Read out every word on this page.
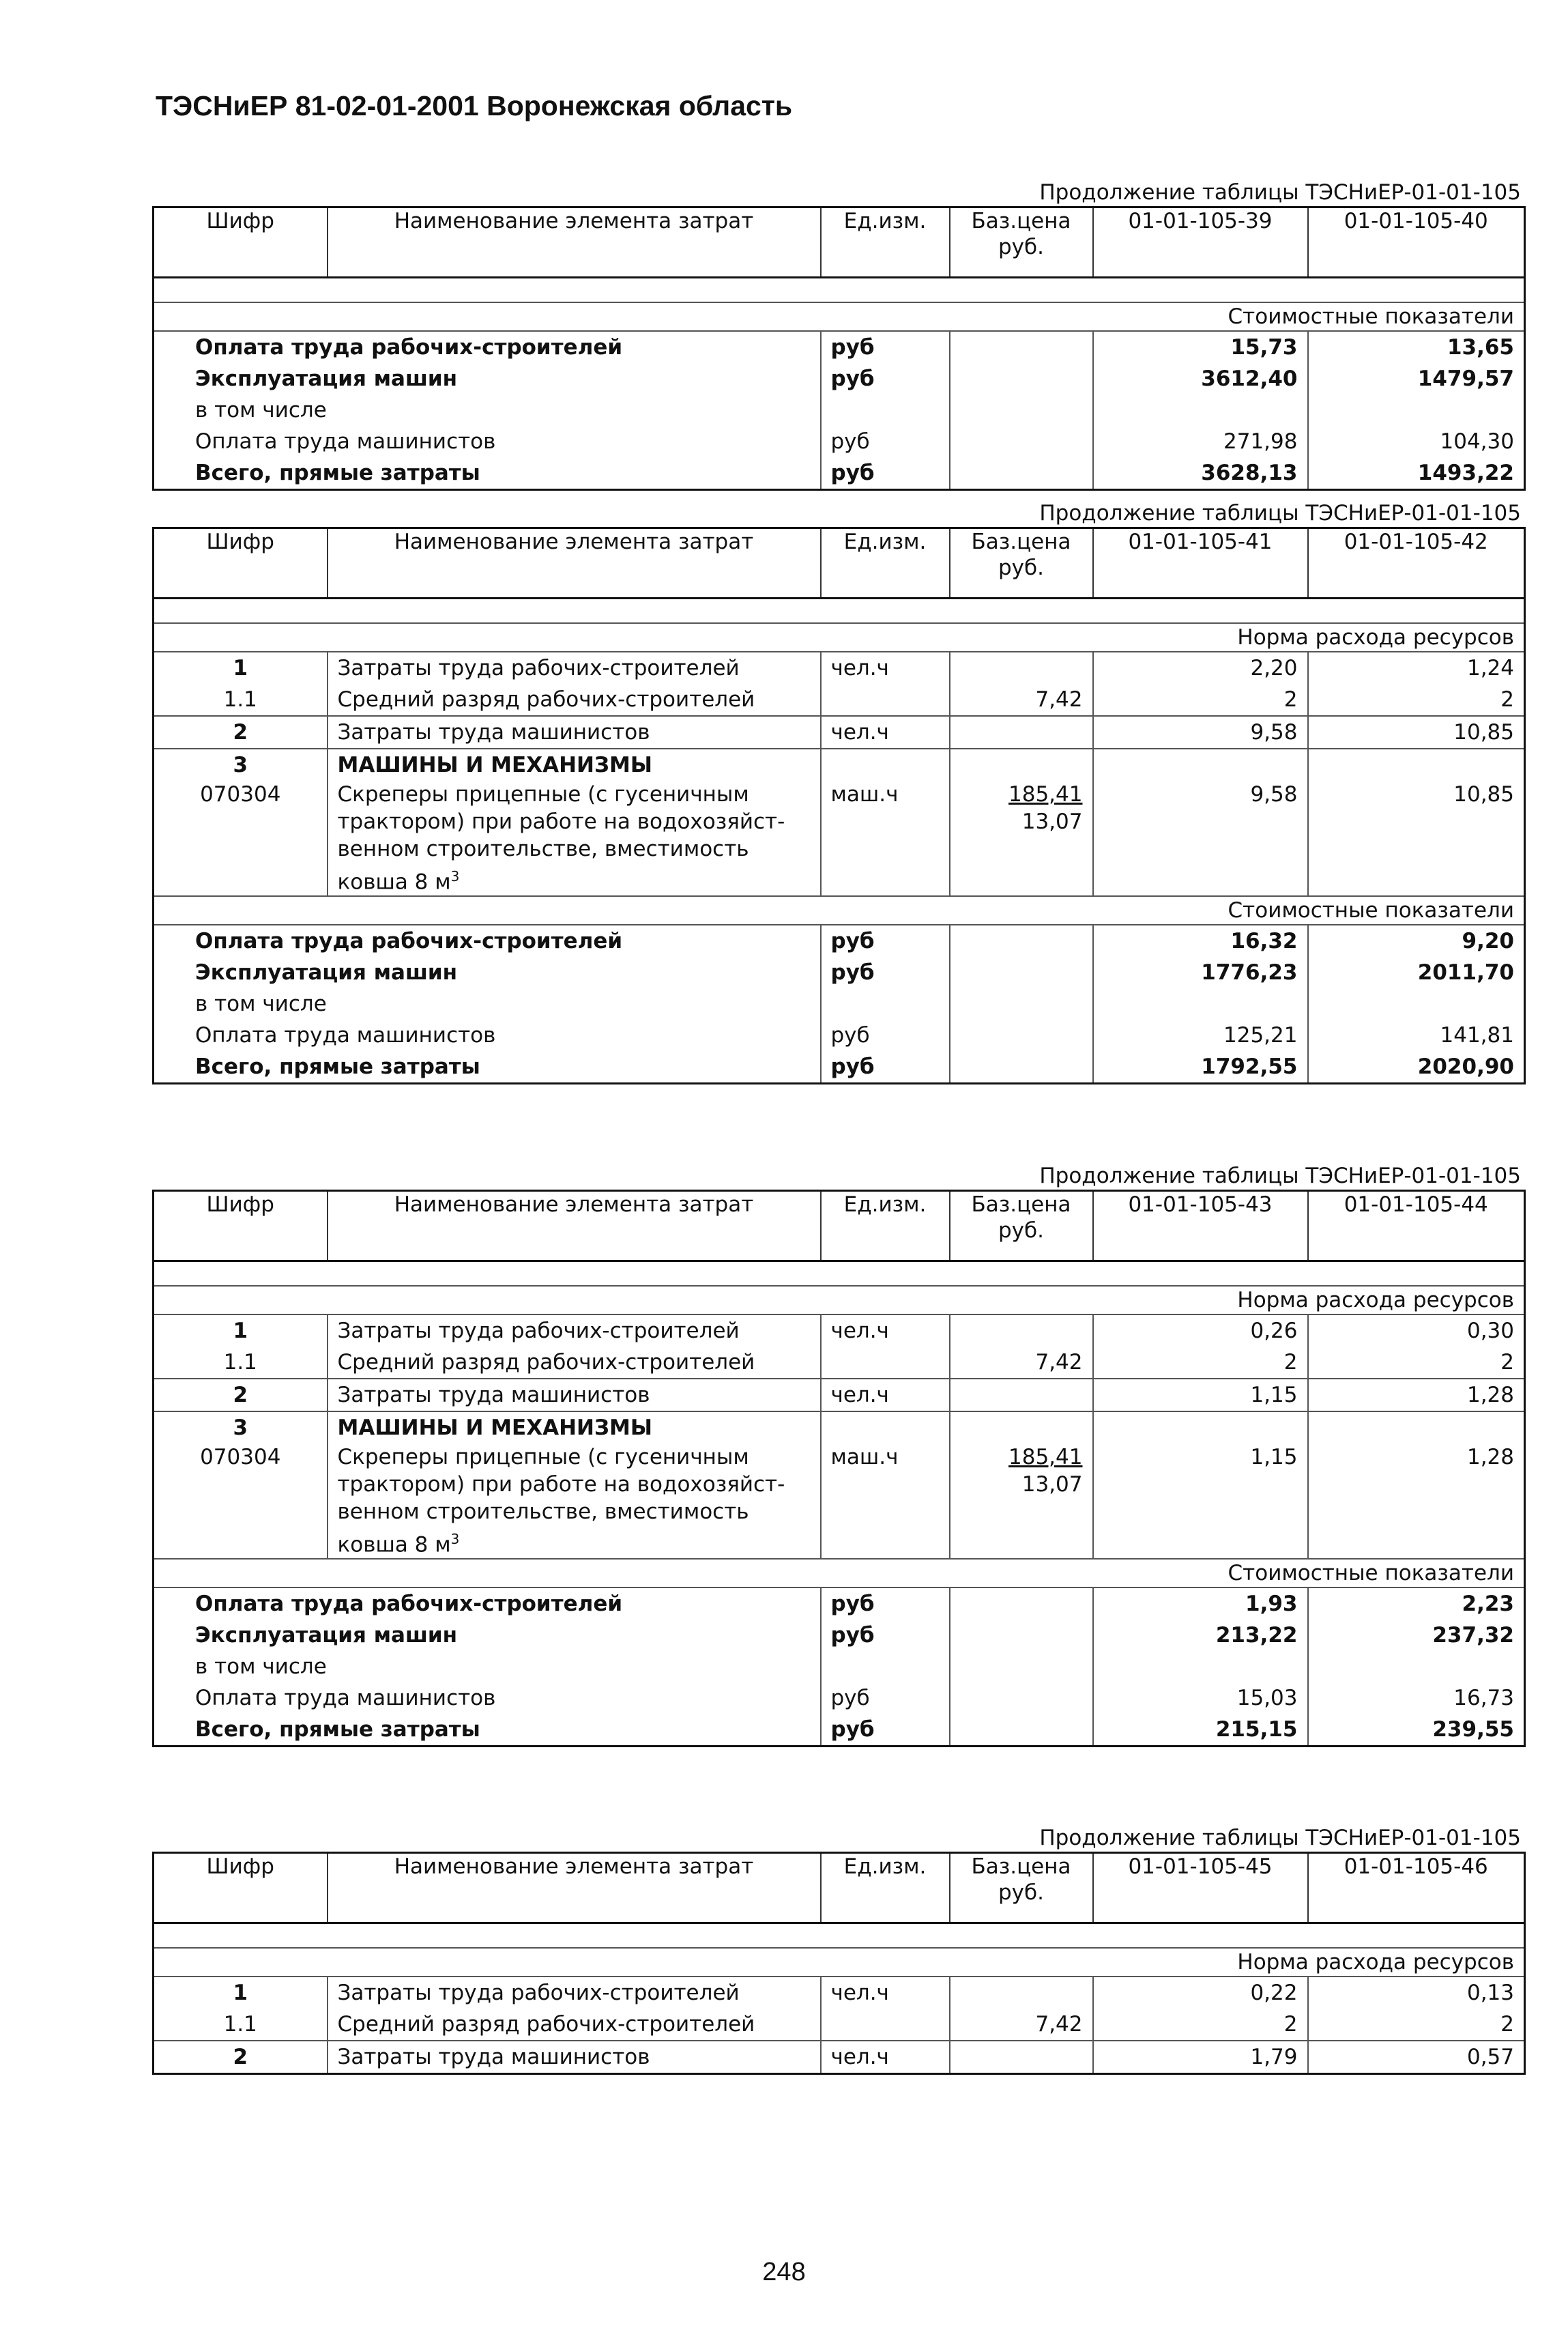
ТЭСНиЕР 81-02-01-2001 Воронежская область
Продолжение таблицы ТЭСНиЕР-01-01-105
Шифр	Наименование элемента затрат	Ед.изм.	Баз.цена руб.	01-01-105-39	01-01-105-40

Стоимостные показатели					
Оплата труда рабочих-строителей		руб		15,73	13,65
Эксплуатация машин		руб		3612,40	1479,57
в том числе					
Оплата труда машинистов		руб		271,98	104,30
Всего, прямые затраты		руб		3628,13	1493,22
Продолжение таблицы ТЭСНиЕР-01-01-105
Шифр	Наименование элемента затрат	Ед.изм.	Баз.цена руб.	01-01-105-41	01-01-105-42

Норма расхода ресурсов					
1	Затраты труда рабочих-строителей	чел.ч		2,20	1,24
1.1	Средний разряд рабочих-строителей		7,42	2	2
2	Затраты труда машинистов	чел.ч		9,58	10,85
3	МАШИНЫ И МЕХАНИЗМЫ				
070304	Скреперы прицепные (с гусеничным
трактором) при работе на водохозяйст-
венном строительстве, вместимость
ковша 8 $м^3$	маш.ч	$\frac{185,41}{13,07}$	9,58	10,85
Стоимостные показатели					
Оплата труда рабочих-строителей		руб		16,32	9,20
Эксплуатация машин		руб		1776,23	2011,70
в том числе					
Оплата труда машинистов		руб		125,21	141,81
Всего, прямые затраты		руб		1792,55	2020,90
Продолжение таблицы ТЭСНиЕР-01-01-105
Шифр	Наименование элемента затрат	Ед.изм.	Баз.цена руб.	01-01-105-43	01-01-105-44

Норма расхода ресурсов					
1	Затраты труда рабочих-строителей	чел.ч		0,26	0,30
1.1	Средний разряд рабочих-строителей		7,42	2	2
2	Затраты труда машинистов	чел.ч		1,15	1,28
3	МАШИНЫ И МЕХАНИЗМЫ				
070304	Скреперы прицепные (с гусеничным
трактором) при работе на водохозяйст-
венном строительстве, вместимость
ковша 8 $м^3$	маш.ч	$\frac{185,41}{13,07}$	1,15	1,28
Стоимостные показатели					
Оплата труда рабочих-строителей		руб		1,93	2,23
Эксплуатация машин		руб		213,22	237,32
в том числе					
Оплата труда машинистов		руб		15,03	16,73
Всего, прямые затраты		руб		215,15	239,55
Продолжение таблицы ТЭСНиЕР-01-01-105
Шифр	Наименование элемента затрат	Ед.изм.	Баз.цена руб.	01-01-105-45	01-01-105-46

Норма расхода ресурсов					
1	Затраты труда рабочих-строителей	чел.ч		0,22	0,13
1.1	Средний разряд рабочих-строителей		7,42	2	2
2	Затраты труда машинистов	чел.ч		1,79	0,57
248
